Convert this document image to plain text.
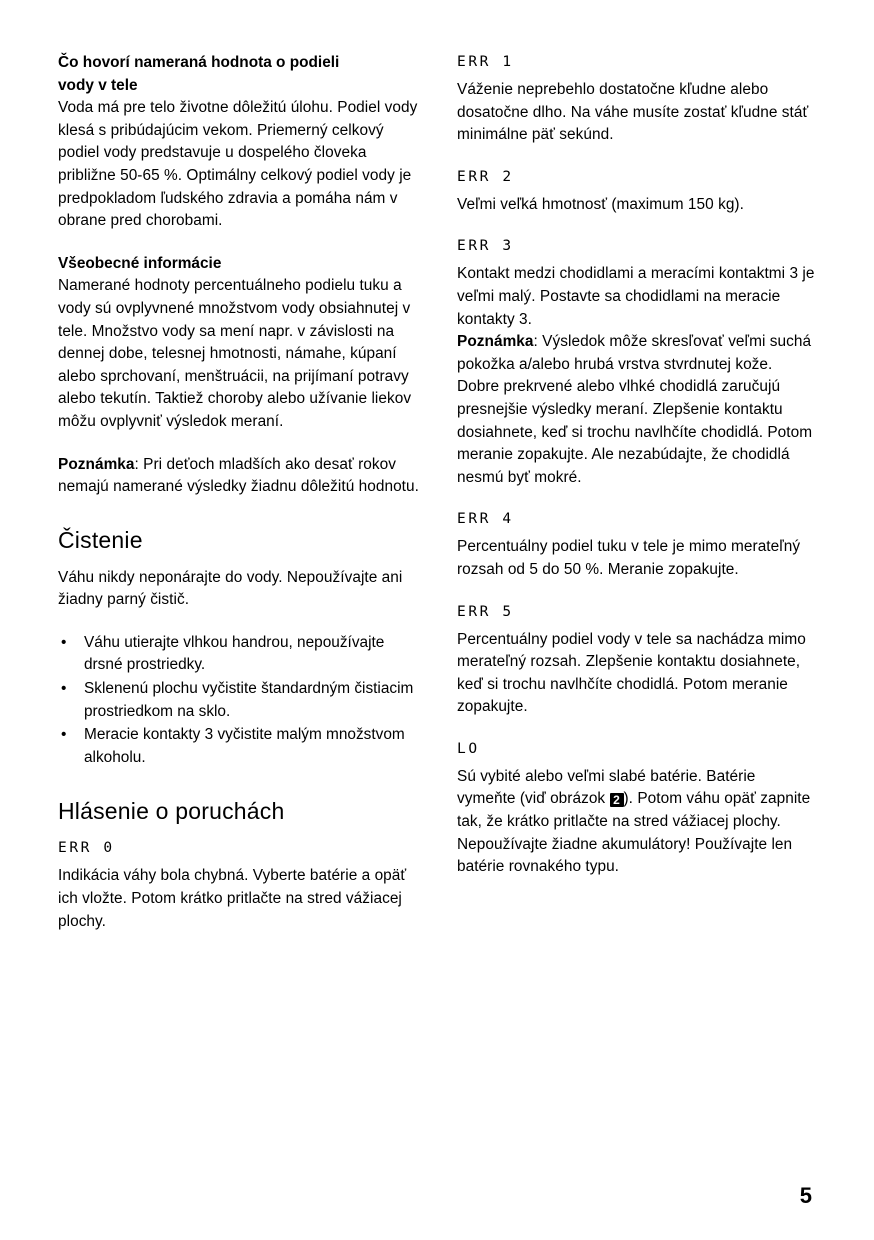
Čo hovorí nameraná hodnota o podieli
vody v tele

Voda má pre telo životne dôležitú úlohu. Podiel vody klesá s pribúdajúcim vekom. Priemerný celkový podiel vody predstavuje u dospelého človeka približne 50-65 %. Optimálny celkový podiel vody je predpokladom ľudského zdravia a pomáha nám v obrane pred chorobami.

Všeobecné informácie

Namerané hodnoty percentuálneho podielu tuku a vody sú ovplyvnené množstvom vody obsiahnutej v tele. Množstvo vody sa mení napr. v závislosti na dennej dobe, telesnej hmotnosti, námahe, kúpaní alebo sprchovaní, menštruácii, na prijímaní potravy alebo tekutín. Taktiež choroby alebo užívanie liekov môžu ovplyvniť výsledok meraní.

Poznámka: Pri deťoch mladších ako desať rokov nemajú namerané výsledky žiadnu dôležitú hodnotu.

Čistenie

Váhu nikdy neponárajte do vody. Nepoužívajte ani žiadny parný čistič.

• Váhu utierajte vlhkou handrou, nepoužívajte drsné prostriedky.
• Sklenenú plochu vyčistite štandardným čistiacim prostriedkom na sklo.
• Meracie kontakty 3 vyčistite malým množstvom alkoholu.
Hlásenie o poruchách
ERR 0

Indikácia váhy bola chybná. Vyberte batérie a opäť ich vložte. Potom krátko pritlačte na stred vážiacej plochy.

ERR 1

Váženie neprebehlo dostatočne kľudne alebo dosatočne dlho. Na váhe musíte zostať kľudne stáť minimálne päť sekúnd.

ERR 2

Veľmi veľká hmotnosť (maximum 150 kg).

ERR 3

Kontakt medzi chodidlami a meracími kontaktmi 3 je veľmi malý. Postavte sa chodidlami na meracie kontakty 3.

Poznámka: Výsledok môže skresľovať veľmi suchá pokožka a/alebo hrubá vrstva stvrdnutej kože. Dobre prekrvené alebo vlhké chodidlá zaručujú presnejšie výsledky meraní. Zlepšenie kontaktu dosiahnete, keď si trochu navlhčíte chodidlá. Potom meranie zopakujte. Ale nezabúdajte, že chodidlá nesmú byť mokré.

ERR 4

Percentuálny podiel tuku v tele je mimo merateľný rozsah od 5 do 50 %. Meranie zopakujte.

ERR 5

Percentuálny podiel vody v tele sa nachádza mimo merateľný rozsah. Zlepšenie kontaktu dosiahnete, keď si trochu navlhčíte chodidlá. Potom meranie zopakujte.

LO

Sú vybité alebo veľmi slabé batérie. Batérie vymeňte (viď obrázok 2 ). Potom váhu opäť zapnite tak, že krátko pritlačte na stred vážiacej plochy. Nepoužívajte žiadne akumulátory! Používajte len batérie rovnakého typu.

5
